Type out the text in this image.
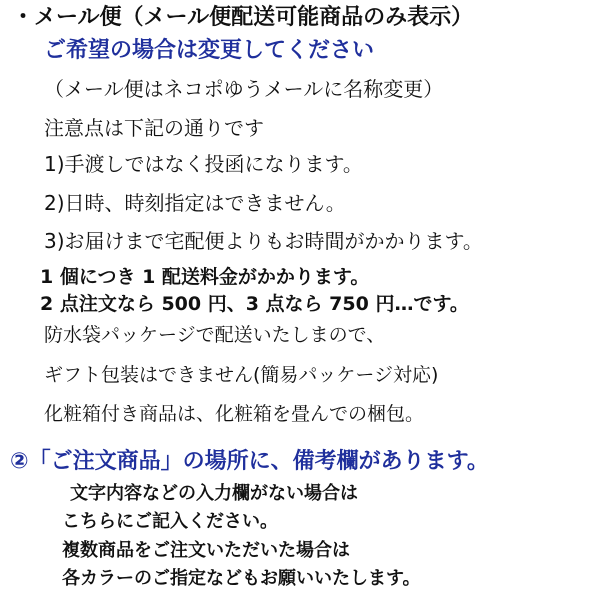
・メール便（メール便配送可能商品のみ表示）
ご希望の場合は変更してください
（メール便はネコポゆうメールに名称変更）
注意点は下記の通りです
1)手渡しではなく投函になります。
2)日時、時刻指定はできません。
3)お届けまで宅配便よりもお時間がかかります。
1 個につき 1 配送料金がかかります。
2 点注文なら 500 円、3 点なら 750 円…です。
防水袋パッケージで配送いたしまので、
ギフト包装はできません(簡易パッケージ対応)
化粧箱付き商品は、化粧箱を畳んでの梱包。
②「ご注文商品」の場所に、備考欄があります。
文字内容などの入力欄がない場合は
こちらにご記入ください。
複数商品をご注文いただいた場合は
各カラーのご指定などもお願いいたします。
